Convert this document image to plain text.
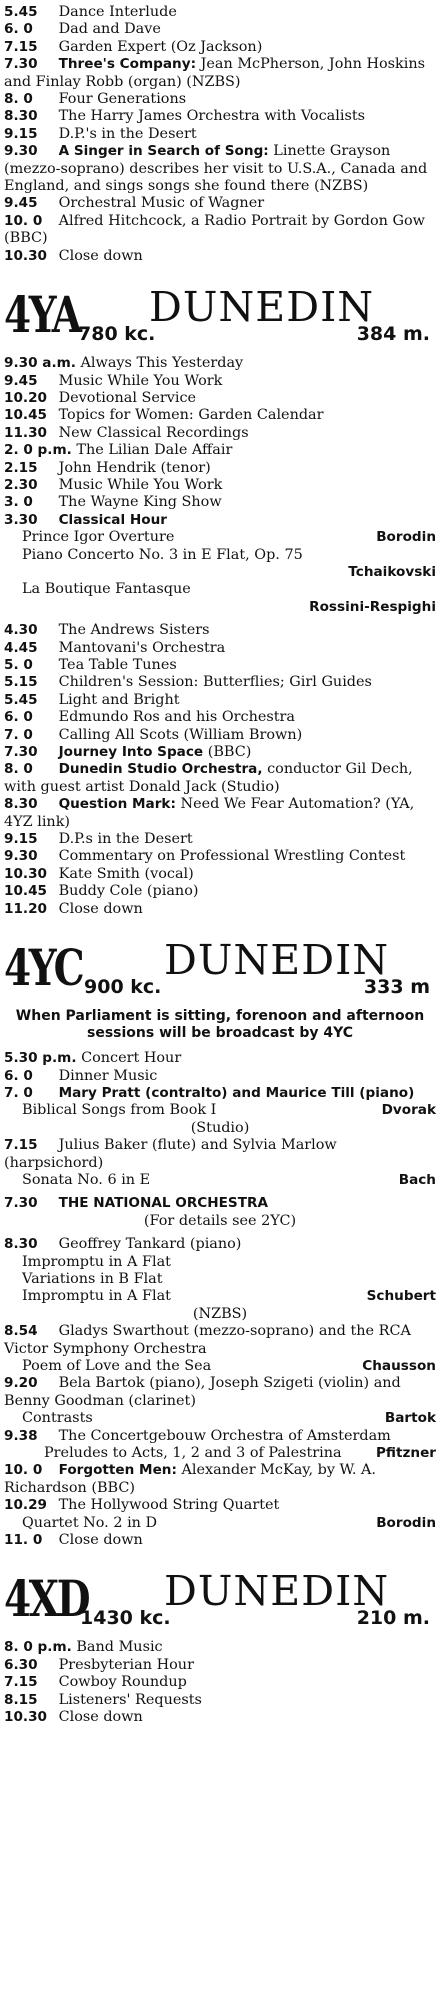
5.45 Dance Interlude
6. 0 Dad and Dave
7.15 Garden Expert (Oz Jackson)
7.30 Three's Company: Jean McPherson, John Hoskins and Finlay Robb (organ) (NZBS)
8. 0 Four Generations
8.30 The Harry James Orchestra with Vocalists
9.15 D.P.'s in the Desert
9.30 A Singer in Search of Song: Linette Grayson (mezzo-soprano) describes her visit to U.S.A., Canada and England, and sings songs she found there (NZBS)
9.45 Orchestral Music of Wagner
10. 0 Alfred Hitchcock, a Radio Portrait by Gordon Gow (BBC)
10.30 Close down
4YA DUNEDIN
780 kc.	384 m.
9.30 a.m. Always This Yesterday
9.45 Music While You Work
10.20 Devotional Service
10.45 Topics for Women: Garden Calendar
11.30 New Classical Recordings
2. 0 p.m. The Lilian Dale Affair
2.15 John Hendrik (tenor)
2.30 Music While You Work
3. 0 The Wayne King Show
3.30 Classical Hour
Prince Igor Overture	Borodin
Piano Concerto No. 3 in E Flat, Op. 75
Tchaikovski
La Boutique Fantasque
Rossini-Respighi
4.30 The Andrews Sisters
4.45 Mantovani's Orchestra
5. 0 Tea Table Tunes
5.15 Children's Session: Butterflies; Girl Guides
5.45 Light and Bright
6. 0 Edmundo Ros and his Orchestra
7. 0 Calling All Scots (William Brown)
7.30 Journey Into Space (BBC)
8. 0 Dunedin Studio Orchestra, conductor Gil Dech, with guest artist Donald Jack (Studio)
8.30 Question Mark: Need We Fear Automation? (YA, 4YZ link)
9.15 D.P.s in the Desert
9.30 Commentary on Professional Wrestling Contest
10.30 Kate Smith (vocal)
10.45 Buddy Cole (piano)
11.20 Close down
4YC DUNEDIN
900 kc.	333 m
When Parliament is sitting, forenoon and afternoon sessions will be broadcast by 4YC
5.30 p.m. Concert Hour
6. 0 Dinner Music
7. 0 Mary Pratt (contralto) and Maurice Till (piano)
Biblical Songs from Book I	Dvorak
(Studio)
7.15 Julius Baker (flute) and Sylvia Marlow (harpsichord)
Sonata No. 6 in E	Bach
7.30 THE NATIONAL ORCHESTRA
(For details see 2YC)
8.30 Geoffrey Tankard (piano)
Impromptu in A Flat
Variations in B Flat
Impromptu in A Flat	Schubert
(NZBS)
8.54 Gladys Swarthout (mezzo-soprano) and the RCA Victor Symphony Orchestra
Poem of Love and the Sea	Chausson
9.20 Bela Bartok (piano), Joseph Szigeti (violin) and Benny Goodman (clarinet)
Contrasts	Bartok
9.38 The Concertgebouw Orchestra of Amsterdam
Preludes to Acts, 1, 2 and 3 of Palestrina	Pfitzner
10. 0 Forgotten Men: Alexander McKay, by W. A. Richardson (BBC)
10.29 The Hollywood String Quartet
Quartet No. 2 in D	Borodin
11. 0 Close down
4XD DUNEDIN
1430 kc.	210 m.
8. 0 p.m. Band Music
6.30 Presbyterian Hour
7.15 Cowboy Roundup
8.15 Listeners' Requests
10.30 Close down
